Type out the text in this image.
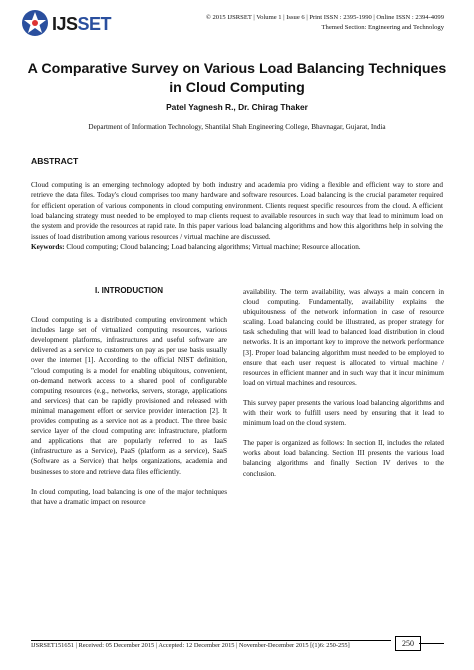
IJSSET	© 2015 IJSRSET | Volume 1 | Issue 6 | Print ISSN : 2395-1990 | Online ISSN : 2394-4099
Themed Section: Engineering and Technology
A Comparative Survey on Various Load Balancing Techniques in Cloud Computing
Patel Yagnesh R., Dr. Chirag Thaker
Department of Information Technology, Shantilal Shah Engineering College, Bhavnagar, Gujarat, India
ABSTRACT
Cloud computing is an emerging technology adopted by both industry and academia pro viding a flexible and efficient way to store and retrieve the data files. Today's cloud comprises too many hardware and software resources. Load balancing is the crucial parameter required for efficient operation of various components in cloud computing environment. Clients request specific resources from the cloud. A efficient load balancing strategy must needed to be employed to map clients request to available resources in such way that lead to minimum load on the system and provide the resources at rapid rate. In this paper various load balancing algorithms and how this algorithms help in solving the issues of load distribution among various resources / virtual machine are discussed.
Keywords: Cloud computing; Cloud balancing; Load balancing algorithms; Virtual machine; Resource allocation.
I. INTRODUCTION

Cloud computing is a distributed computing environment which includes large set of virtualized computing resources, various development platforms, infrastructures and useful software are delivered as a service to customers on pay as per use basis usually over the internet [1]. According to the official NIST definition, "cloud computing is a model for enabling ubiquitous, convenient, on-demand network access to a shared pool of configurable computing resources (e.g., networks, servers, storage, applications and services) that can be rapidly provisioned and released with minimal management effort or service provider interaction [2]. It provides computing as a service not as a product. The three basic service layer of the cloud computing are: infrastructure, platform and applications that are popularly referred to as IaaS (infrastructure as a Service), PaaS (platform as a service), SaaS (Software as a Service) that helps organizations, academia and businesses to store and retrieve data files efficiently.

In cloud computing, load balancing is one of the major techniques that have a dramatic impact on resource

availability. The term availability, was always a main concern in cloud computing. Fundamentally, availability explains the ubiquitousness of the network information in case of resource scaling. Load balancing could be illustrated, as proper strategy for task scheduling that will lead to balanced load distribution in cloud networks. It is an important key to improve the network performance [3]. Proper load balancing algorithm must needed to be employed to ensure that each user request is allocated to virtual machine / resources in efficient manner and in such way that it incur minimum load on virtual machines and resources.

This survey paper presents the various load balancing algorithms and with their work to fulfill users need by ensuring that it lead to minimum load on the cloud system.

The paper is organized as follows: In section II, includes the related works about load balancing. Section III presents the various load balancing algorithms and finally Section IV derives to the conclusion.

IJSRSET151651 | Received: 05 December 2015 | Accepted: 12 December 2015 | November-December 2015 [(1)6: 250-255]	250
